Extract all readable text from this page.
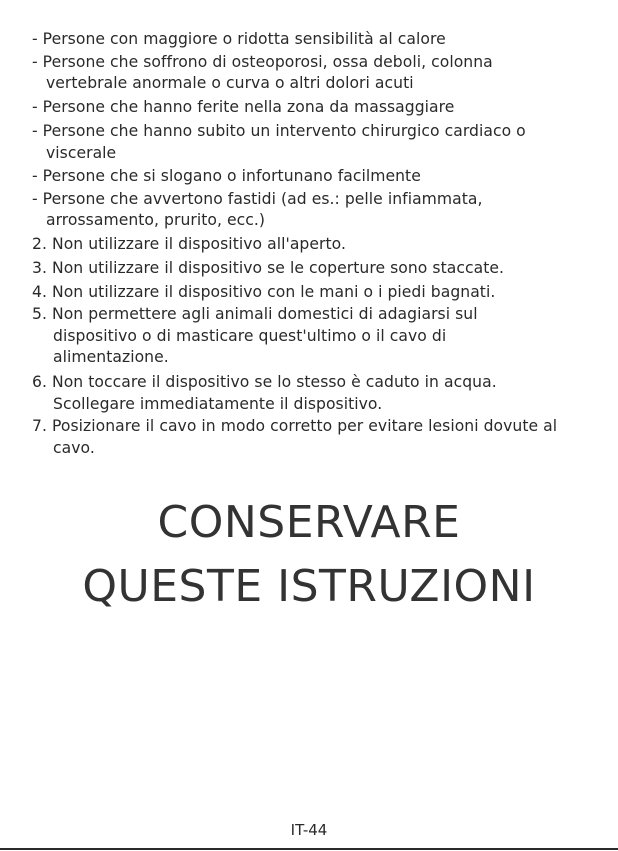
- Persone con maggiore o ridotta sensibilità al calore
- Persone che soffrono di osteoporosi, ossa deboli, colonna
vertebrale anormale o curva o altri dolori acuti
- Persone che hanno ferite nella zona da massaggiare
- Persone che hanno subito un intervento chirurgico cardiaco o
viscerale
- Persone che si slogano o infortunano facilmente
- Persone che avvertono fastidi (ad es.: pelle infiammata,
arrossamento, prurito, ecc.)
2. Non utilizzare il dispositivo all'aperto.
3. Non utilizzare il dispositivo se le coperture sono staccate.
4. Non utilizzare il dispositivo con le mani o i piedi bagnati.
5. Non permettere agli animali domestici di adagiarsi sul
dispositivo o di masticare quest'ultimo o il cavo di
alimentazione.
6. Non toccare il dispositivo se lo stesso è caduto in acqua.
Scollegare immediatamente il dispositivo.
7. Posizionare il cavo in modo corretto per evitare lesioni dovute al
cavo.
CONSERVARE
QUESTE ISTRUZIONI
IT-44
